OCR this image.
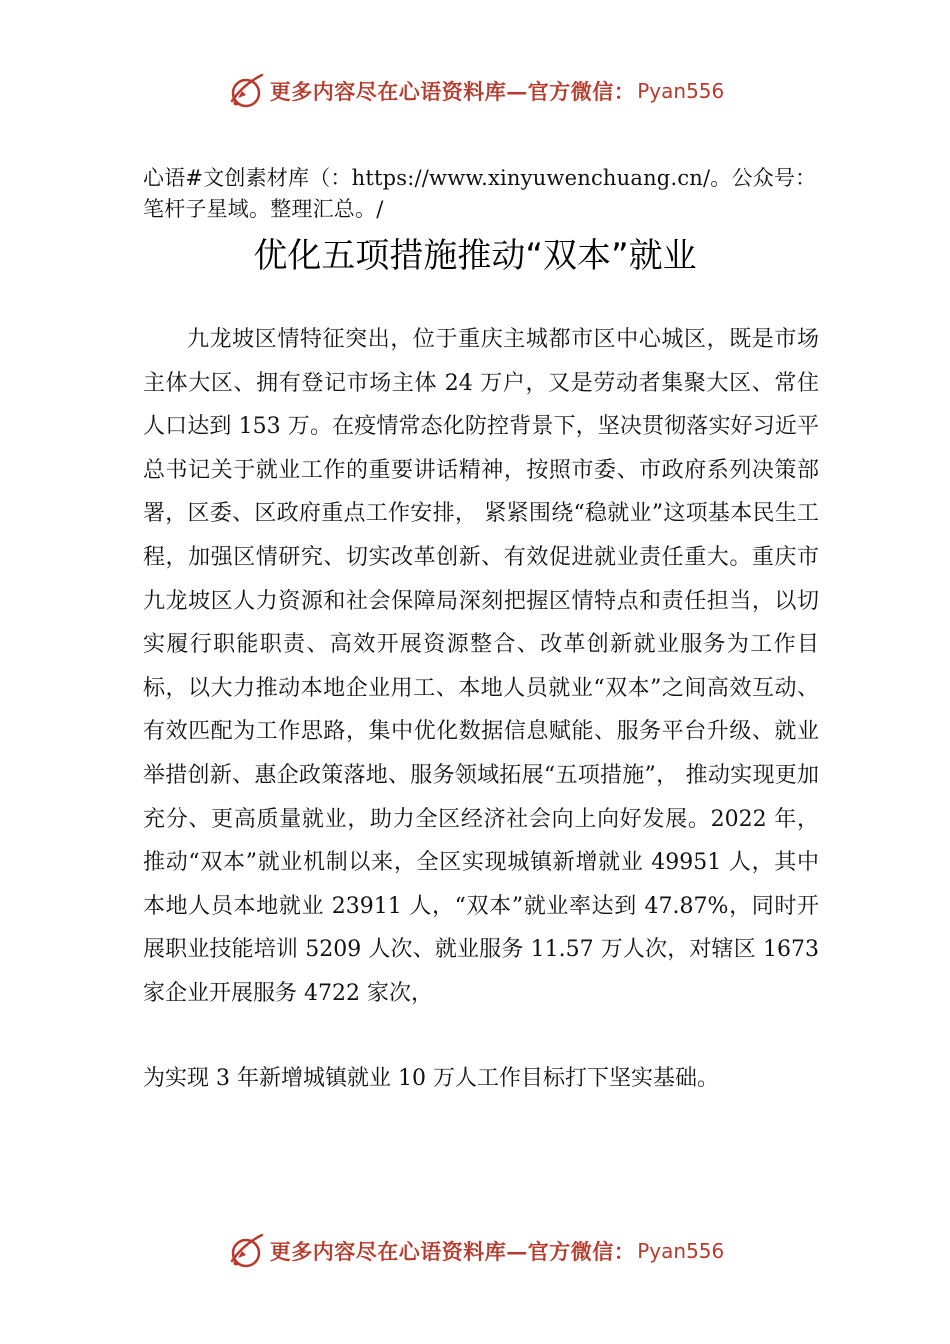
更多内容尽在心语资料库—官方微信： Pyan556
心语#文创素材库（：https://www.xinyuwenchuang.cn/。公众号：笔杆子星域。整理汇总。/
优化五项措施推动“双本”就业
九龙坡区情特征突出，位于重庆主城都市区中心城区，既是市场主体大区、拥有登记市场主体 24 万户，又是劳动者集聚大区、常住人口达到 153 万。在疫情常态化防控背景下，坚决贯彻落实好习近平总书记关于就业工作的重要讲话精神，按照市委、市政府系列决策部署，区委、区政府重点工作安排， 紧紧围绕“稳就业”这项基本民生工程，加强区情研究、切实改革创新、有效促进就业责任重大。重庆市九龙坡区人力资源和社会保障局深刻把握区情特点和责任担当，以切实履行职能职责、高效开展资源整合、改革创新就业服务为工作目标，以大力推动本地企业用工、本地人员就业“双本”之间高效互动、有效匹配为工作思路，集中优化数据信息赋能、服务平台升级、就业举措创新、惠企政策落地、服务领域拓展“五项措施”， 推动实现更加充分、更高质量就业，助力全区经济社会向上向好发展。2022 年，推动“双本”就业机制以来，全区实现城镇新增就业 49951 人，其中本地人员本地就业 23911 人，“双本”就业率达到 47.87%，同时开展职业技能培训 5209 人次、就业服务 11.57 万人次，对辖区 1673 家企业开展服务 4722 家次，
为实现 3 年新增城镇就业 10 万人工作目标打下坚实基础。
更多内容尽在心语资料库—官方微信： Pyan556
